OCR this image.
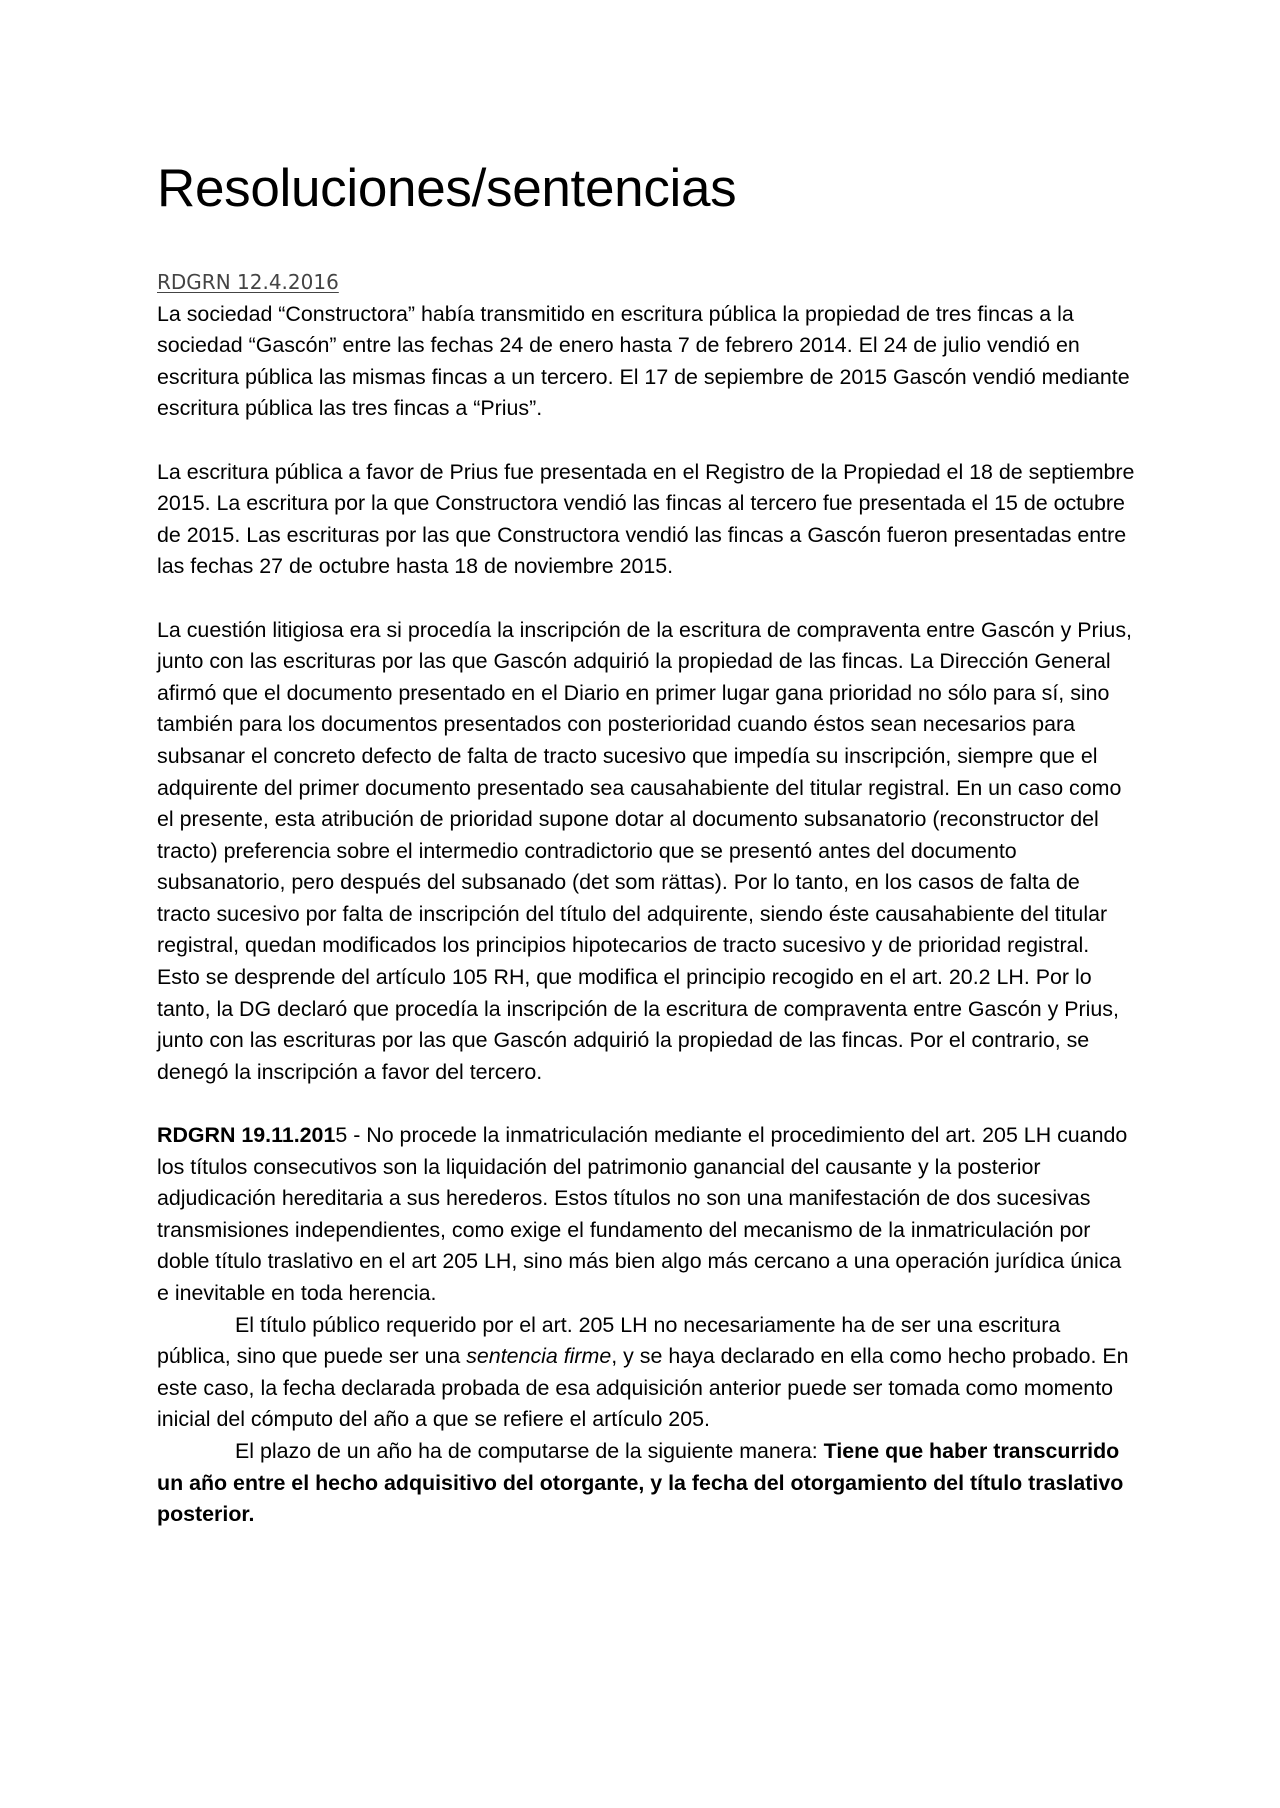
Resoluciones/sentencias

RDGRN 12.4.2016

La sociedad “Constructora” había transmitido en escritura pública la propiedad de tres fincas a la sociedad “Gascón” entre las fechas 24 de enero hasta 7 de febrero 2014. El 24 de julio vendió en escritura pública las mismas fincas a un tercero. El 17 de sepiembre de 2015 Gascón vendió mediante escritura pública las tres fincas a “Prius”.

La escritura pública a favor de Prius fue presentada en el Registro de la Propiedad el 18 de septiembre 2015. La escritura por la que Constructora vendió las fincas al tercero fue presentada el 15 de octubre de 2015. Las escrituras por las que Constructora vendió las fincas a Gascón fueron presentadas entre las fechas 27 de octubre hasta 18 de noviembre 2015.

La cuestión litigiosa era si procedía la inscripción de la escritura de compraventa entre Gascón y Prius, junto con las escrituras por las que Gascón adquirió la propiedad de las fincas. La Dirección General afirmó que el documento presentado en el Diario en primer lugar gana prioridad no sólo para sí, sino también para los documentos presentados con posterioridad cuando éstos sean necesarios para subsanar el concreto defecto de falta de tracto sucesivo que impedía su inscripción, siempre que el adquirente del primer documento presentado sea causahabiente del titular registral. En un caso como el presente, esta atribución de prioridad supone dotar al documento subsanatorio (reconstructor del tracto) preferencia sobre el intermedio contradictorio que se presentó antes del documento subsanatorio, pero después del subsanado (det som rättas). Por lo tanto, en los casos de falta de tracto sucesivo por falta de inscripción del título del adquirente, siendo éste causahabiente del titular registral, quedan modificados los principios hipotecarios de tracto sucesivo y de prioridad registral. Esto se desprende del artículo 105 RH, que modifica el principio recogido en el art. 20.2 LH. Por lo tanto, la DG declaró que procedía la inscripción de la escritura de compraventa entre Gascón y Prius, junto con las escrituras por las que Gascón adquirió la propiedad de las fincas. Por el contrario, se denegó la inscripción a favor del tercero.

RDGRN 19.11.2015 - No procede la inmatriculación mediante el procedimiento del art. 205 LH cuando los títulos consecutivos son la liquidación del patrimonio ganancial del causante y la posterior adjudicación hereditaria a sus herederos. Estos títulos no son una manifestación de dos sucesivas transmisiones independientes, como exige el fundamento del mecanismo de la inmatriculación por doble título traslativo en el art 205 LH, sino más bien algo más cercano a una operación jurídica única e inevitable en toda herencia.

El título público requerido por el art. 205 LH no necesariamente ha de ser una escritura pública, sino que puede ser una sentencia firme, y se haya declarado en ella como hecho probado. En este caso, la fecha declarada probada de esa adquisición anterior puede ser tomada como momento inicial del cómputo del año a que se refiere el artículo 205.

El plazo de un año ha de computarse de la siguiente manera: Tiene que haber transcurrido un año entre el hecho adquisitivo del otorgante, y la fecha del otorgamiento del título traslativo posterior.
